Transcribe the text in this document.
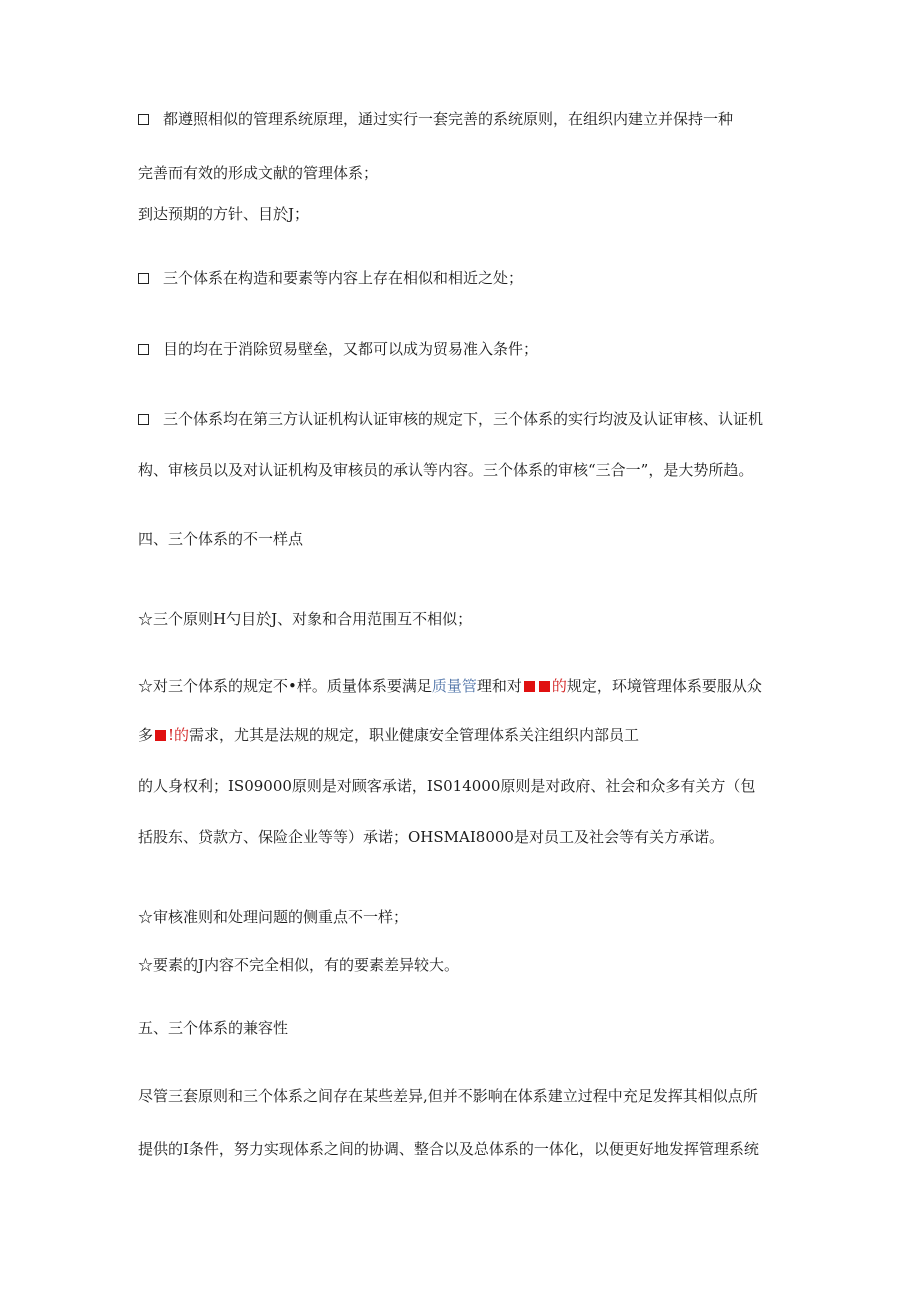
都遵照相似的管理系统原理，通过实行一套完善的系统原则，在组织内建立并保持一种
完善而有效的形成文献的管理体系；
到达预期的方针、目於J；
三个体系在构造和要素等内容上存在相似和相近之处；
目的均在于消除贸易壁垒，又都可以成为贸易准入条件；
三个体系均在第三方认证机构认证审核的规定下，三个体系的实行均波及认证审核、认证机
构、审核员以及对认证机构及审核员的承认等内容。三个体系的审核“三合一”，是大势所趋。
四、三个体系的不一样点
☆三个原则H勺目於J、对象和合用范围互不相似；
☆对三个体系的规定不•样。质量体系要满足质量管理和对 的规定，环境管理体系要服从众
多 !的需求，尤其是法规的规定，职业健康安全管理体系关注组织内部员工
的人身权利；IS09000原则是对顾客承诺，IS014000原则是对政府、社会和众多有关方（包
括股东、贷款方、保险企业等等）承诺；OHSMAI8000是对员工及社会等有关方承诺。
☆审核准则和处理问题的侧重点不一样；
☆要素的J内容不完全相似，有的要素差异较大。
五、三个体系的兼容性
尽管三套原则和三个体系之间存在某些差异,但并不影响在体系建立过程中充足发挥其相似点所
提供的I条件，努力实现体系之间的协调、整合以及总体系的一体化，以便更好地发挥管理系统
